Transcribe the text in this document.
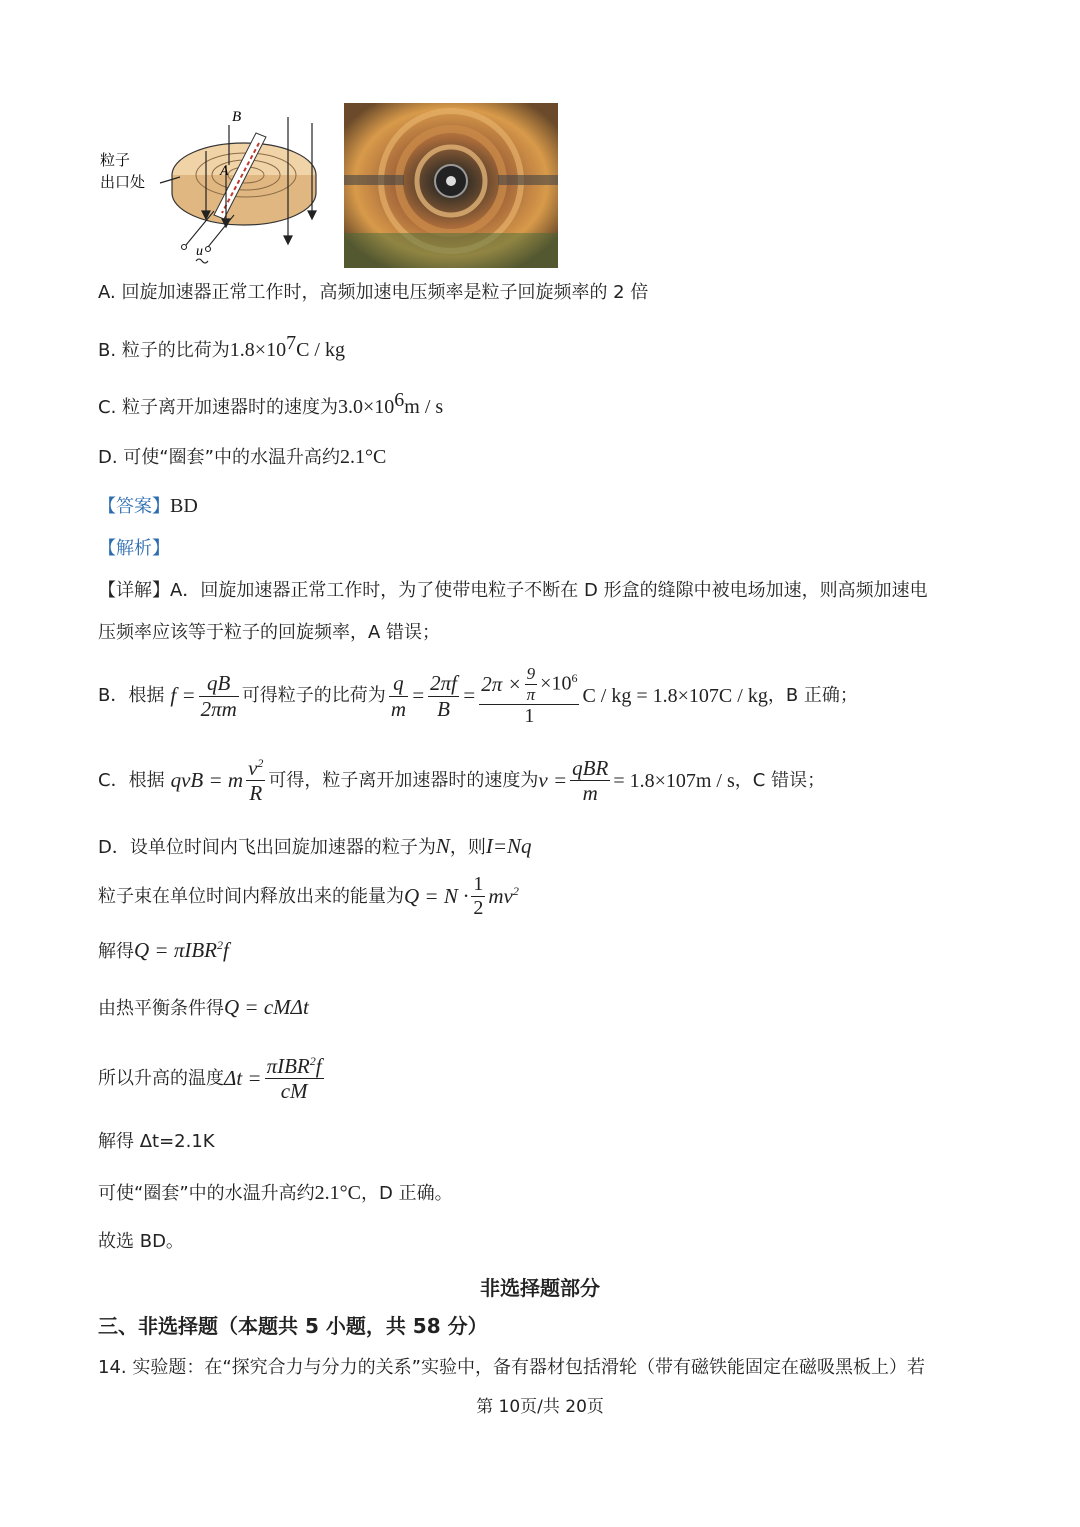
B
A
u
粒子
出口处
A. 回旋加速器正常工作时，高频加速电压频率是粒子回旋频率的 2 倍
B. 粒子的比荷为$1.8\times 10^7C$ / kg
C. 粒子离开加速器时的速度为$3.0\times 10^6m / s$
D. 可使“圈套”中的水温升高约2.1°C
【答案】BD
【解析】
【详解】A．回旋加速器正常工作时，为了使带电粒子不断在 D 形盒的缝隙中被电场加速，则高频加速电
压频率应该等于粒子的回旋频率，A 错误；
B．根据 $f = \frac{qB}{2\pi m}$ 可得粒子的比荷为 $\frac{q}{m} = \frac{2\pi f}{B} = \frac{2\pi \times \frac{9}{\pi} \times 10^6}{1}$ C / kg = 1.8×10 7 C / kg ，B 正确；
C．根据 qvB = m $\frac{v^2}{R}$ 可得，粒子离开加速器时的速度为 $v = \frac{\text{qBR}}{m} = 1.8\times 10$ 7 m / s ，C 错误；
D．设单位时间内飞出回旋加速器的粒子为N，则I=Nq
粒子束在单位时间内释放出来的能量为 $Q = N \cdot \frac{1}{2} mv^2$
解得Q = πIBR$^2$f
由热平衡条件得Q = cMΔt
所以升高的温度 $\Delta t = \frac{\pi IBR^2f}{cM}$
解得 Δt=2.1K
可使“圈套”中的水温升高约2.1°C，D 正确。
故选 BD。
非选择题部分
三、非选择题（本题共 5 小题，共 58 分）
14. 实验题：在“探究合力与分力的关系”实验中，备有器材包括滑轮（带有磁铁能固定在磁吸黑板上）若
第 10页/共 20页
